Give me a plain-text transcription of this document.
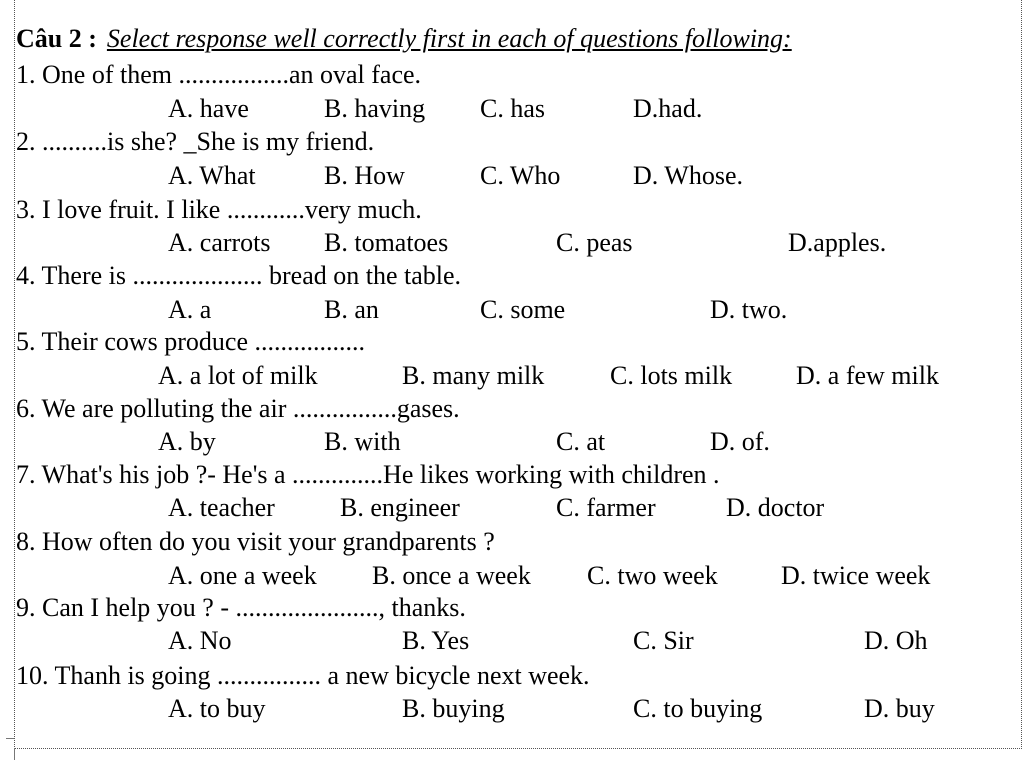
Câu 2 : Select response well correctly first in each of questions following:
1. One of them .................an oval face.
A. have	B. having C. has	D.had.
2. ..........is she? _She is my friend.
A. What	B. How	C. Who	D. Whose.
3. I love fruit. I like ............very much.
A. carrots B. tomatoes	C. peas	D.apples.
4. There is .................... bread on the table.
A. a	B. an	C. some	D. two.
5. Their cows produce .................
A. a lot of milk	B. many milk	C. lots milk D. a few milk
6. We are polluting the air ................gases.
A. by	B. with	C. at	D. of.
7. What's his job ?- He's a ..............He likes working with children .
A. teacher	B. engineer	C. farmer	D. doctor
8. How often do you visit your grandparents ?
A. one a week B. once a week C. two week D. twice week
9. Can I help you ? - ......................, thanks.
A. No	B. Yes	C. Sir	D. Oh
10. Thanh is going ................ a new bicycle next week.
A. to buy	B. buying	C. to buying	D. buy
